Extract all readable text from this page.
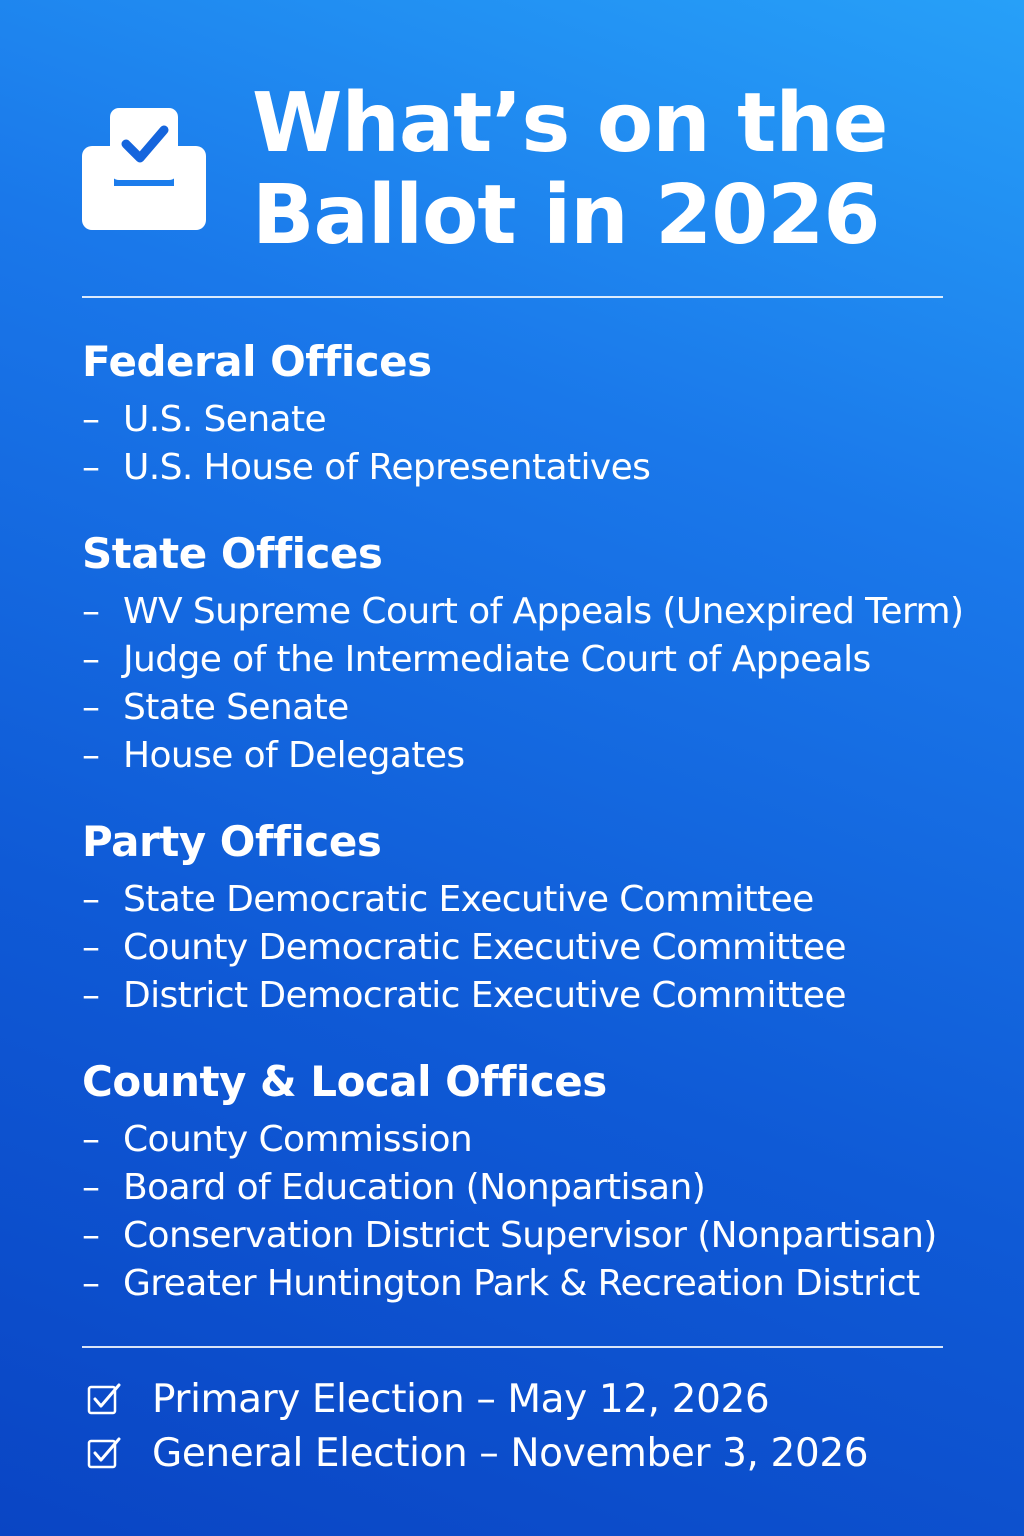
What’s on the
Ballot in 2026
Federal Offices
– U.S. Senate
– U.S. House of Representatives
State Offices
– WV Supreme Court of Appeals (Unexpired Term)
– Judge of the Intermediate Court of Appeals
– State Senate
– House of Delegates
Party Offices
– State Democratic Executive Committee
– County Democratic Executive Committee
– District Democratic Executive Committee
County & Local Offices
– County Commission
– Board of Education (Nonpartisan)
– Conservation District Supervisor (Nonpartisan)
– Greater Huntington Park & Recreation District
Primary Election – May 12, 2026
General Election – November 3, 2026
